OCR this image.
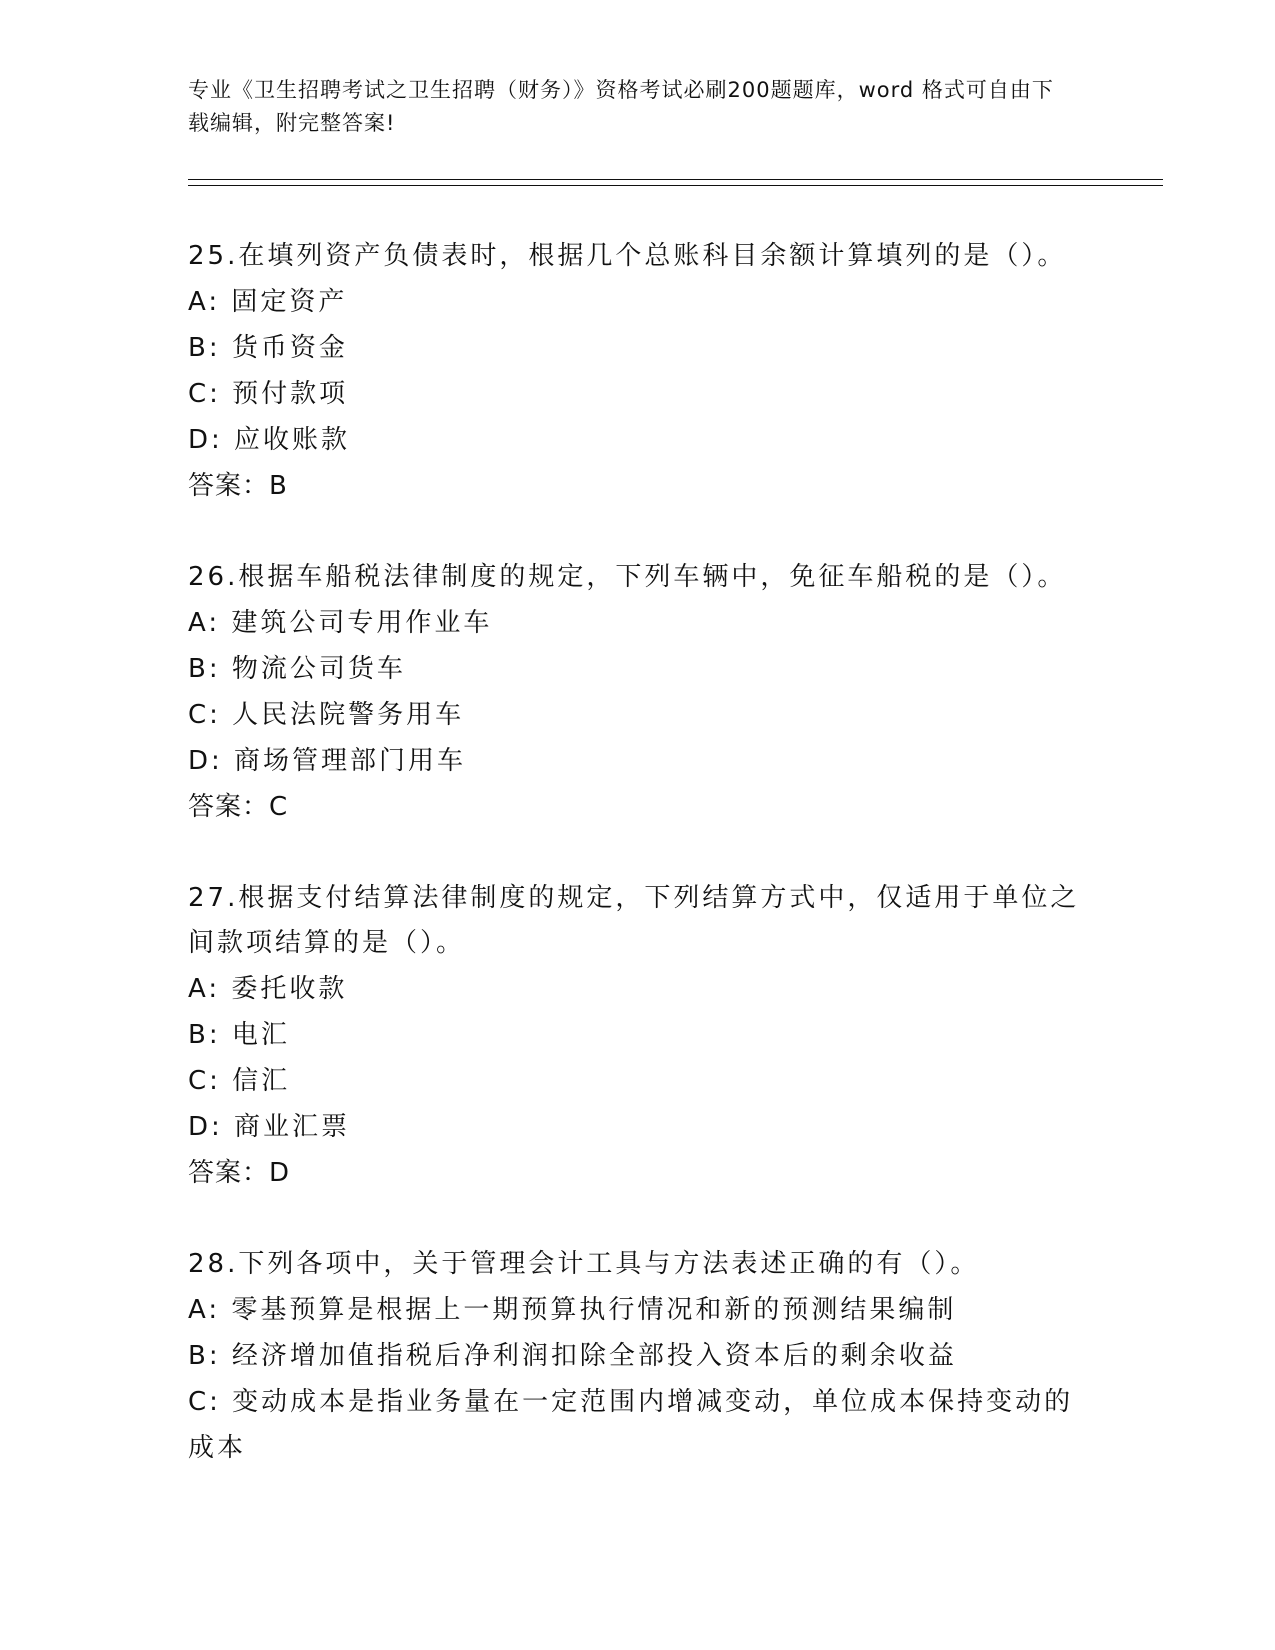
专业《卫生招聘考试之卫生招聘（财务）》资格考试必刷200题题库，word 格式可自由下载编辑，附完整答案!
25.在填列资产负债表时，根据几个总账科目余额计算填列的是（）。
A: 固定资产
B: 货币资金
C: 预付款项
D: 应收账款
答案：B
26.根据车船税法律制度的规定，下列车辆中，免征车船税的是（）。
A: 建筑公司专用作业车
B: 物流公司货车
C: 人民法院警务用车
D: 商场管理部门用车
答案：C
27.根据支付结算法律制度的规定，下列结算方式中，仅适用于单位之间款项结算的是（）。
A: 委托收款
B: 电汇
C: 信汇
D: 商业汇票
答案：D
28.下列各项中，关于管理会计工具与方法表述正确的有（）。
A: 零基预算是根据上一期预算执行情况和新的预测结果编制
B: 经济增加值指税后净利润扣除全部投入资本后的剩余收益
C: 变动成本是指业务量在一定范围内增减变动，单位成本保持变动的成本
